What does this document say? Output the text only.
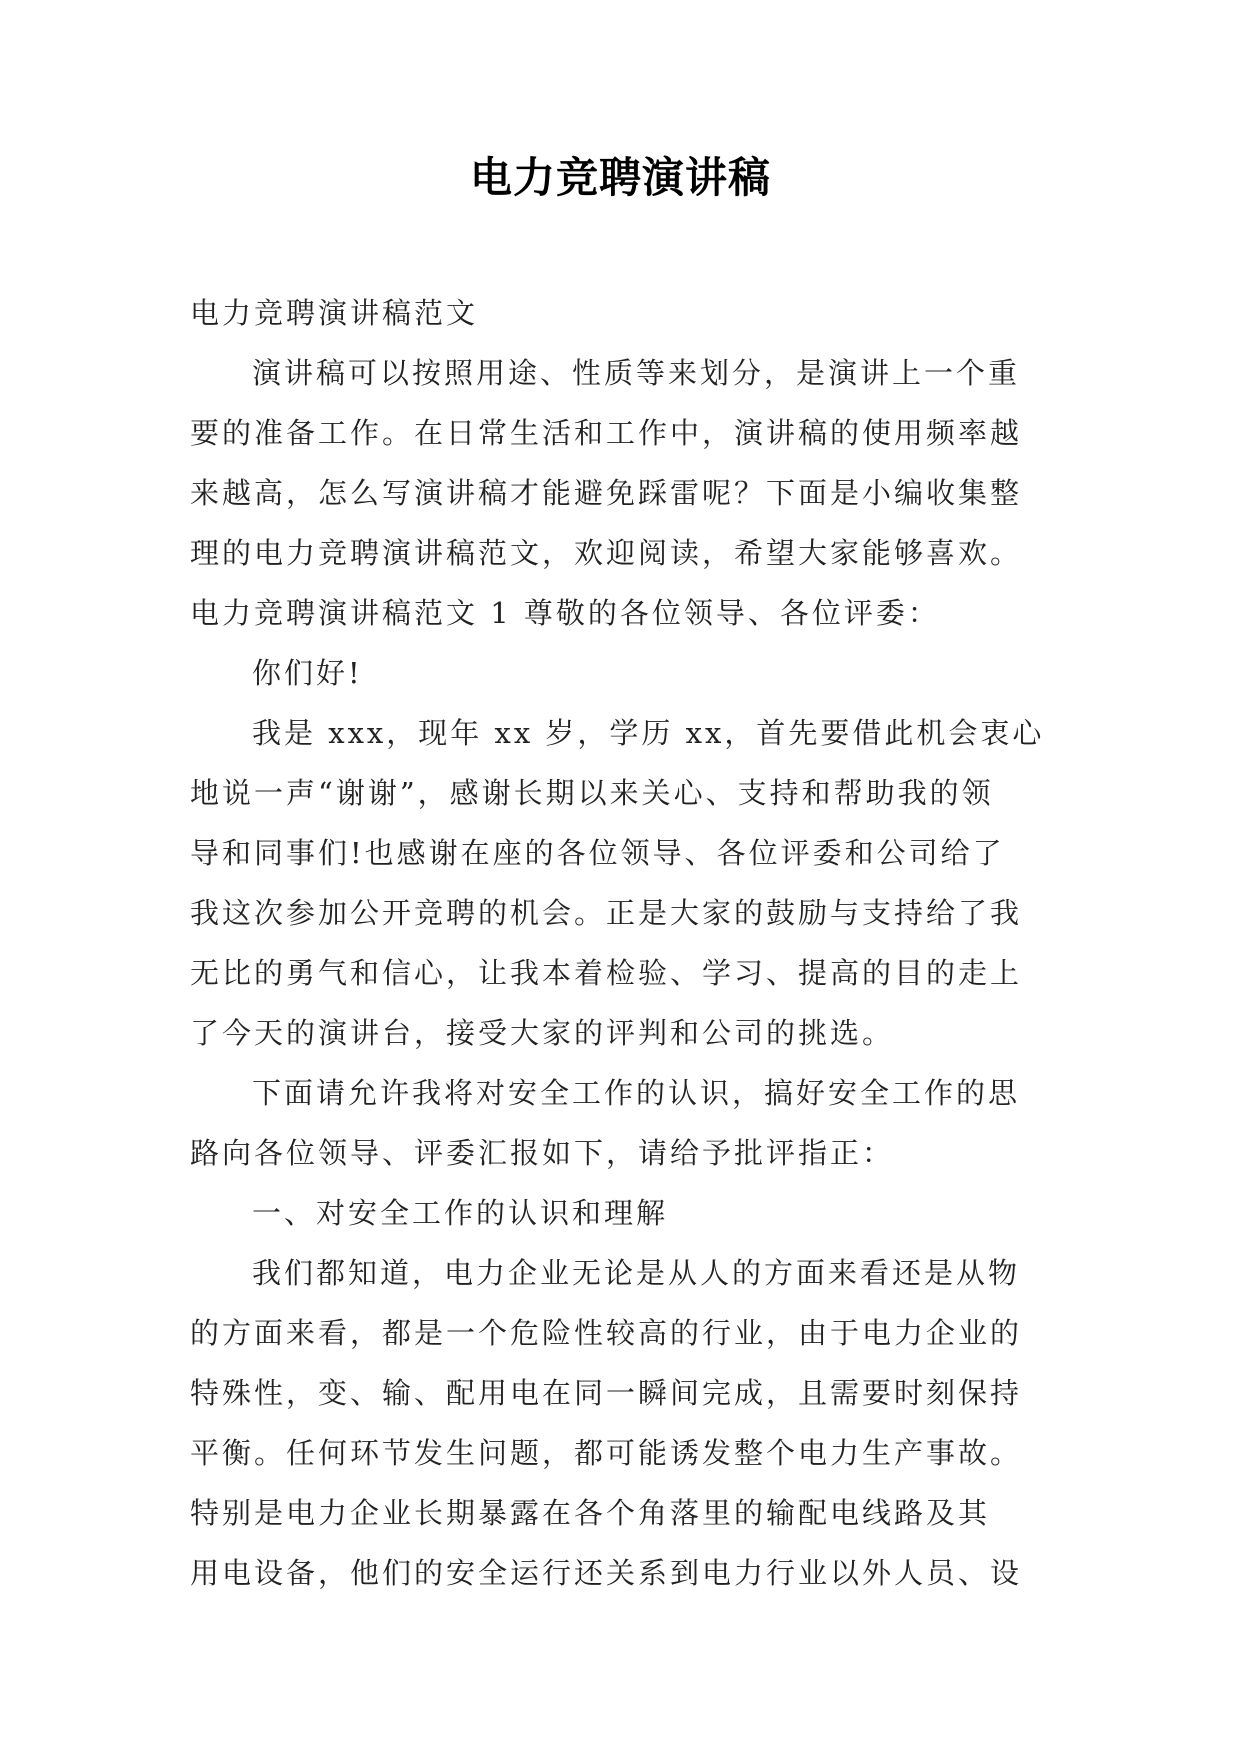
电力竞聘演讲稿
电力竞聘演讲稿范文
演讲稿可以按照用途、性质等来划分，是演讲上一个重
要的准备工作。在日常生活和工作中，演讲稿的使用频率越
来越高，怎么写演讲稿才能避免踩雷呢？下面是小编收集整
理的电力竞聘演讲稿范文，欢迎阅读，希望大家能够喜欢。
电力竞聘演讲稿范文 1 尊敬的各位领导、各位评委：
你们好!
我是 xxx，现年 xx 岁，学历 xx，首先要借此机会衷心
地说一声“谢谢”，感谢长期以来关心、支持和帮助我的领
导和同事们!也感谢在座的各位领导、各位评委和公司给了
我这次参加公开竞聘的机会。正是大家的鼓励与支持给了我
无比的勇气和信心，让我本着检验、学习、提高的目的走上
了今天的演讲台，接受大家的评判和公司的挑选。
下面请允许我将对安全工作的认识，搞好安全工作的思
路向各位领导、评委汇报如下，请给予批评指正：
一、对安全工作的认识和理解
我们都知道，电力企业无论是从人的方面来看还是从物
的方面来看，都是一个危险性较高的行业，由于电力企业的
特殊性，变、输、配用电在同一瞬间完成，且需要时刻保持
平衡。任何环节发生问题，都可能诱发整个电力生产事故。
特别是电力企业长期暴露在各个角落里的输配电线路及其
用电设备，他们的安全运行还关系到电力行业以外人员、设
